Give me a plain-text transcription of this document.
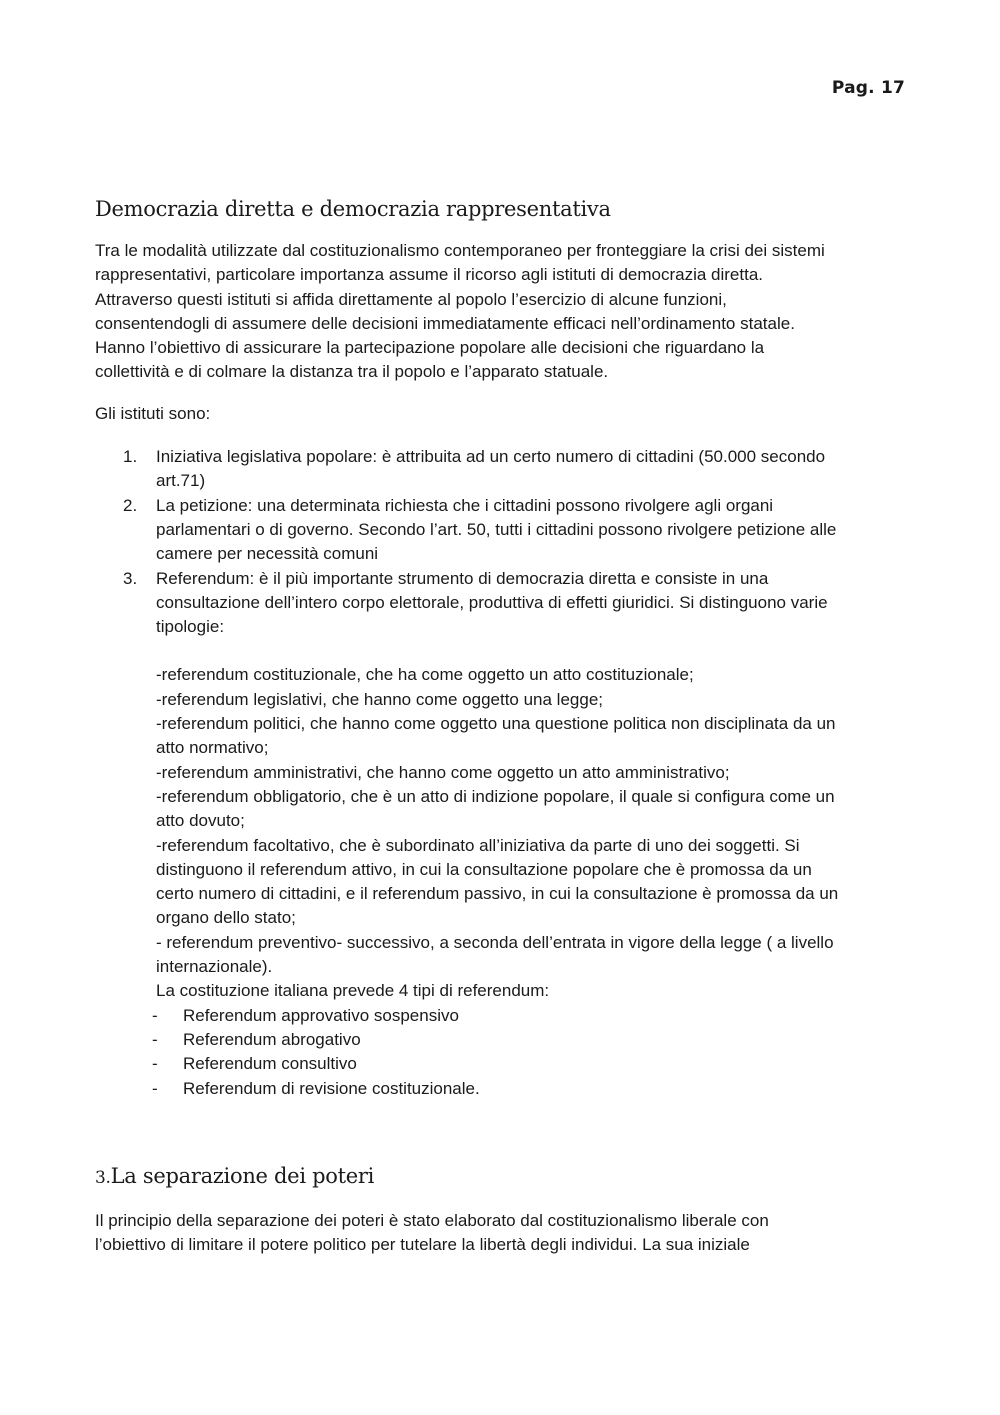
Pag. 17
Democrazia diretta e democrazia rappresentativa

Tra le modalità utilizzate dal costituzionalismo contemporaneo per fronteggiare la crisi dei sistemi

rappresentativi, particolare importanza assume il ricorso agli istituti di democrazia diretta.

Attraverso questi istituti si affida direttamente al popolo l’esercizio di alcune funzioni,

consentendogli di assumere delle decisioni immediatamente efficaci nell’ordinamento statale.

Hanno l’obiettivo di assicurare la partecipazione popolare alle decisioni che riguardano la

collettività e di colmare la distanza tra il popolo e l’apparato statuale.

Gli istituti sono:

1. Iniziativa legislativa popolare: è attribuita ad un certo numero di cittadini (50.000 secondo
art.71)
2. La petizione: una determinata richiesta che i cittadini possono rivolgere agli organi
parlamentari o di governo. Secondo l’art. 50, tutti i cittadini possono rivolgere petizione alle
camere per necessità comuni
3. Referendum: è il più importante strumento di democrazia diretta e consiste in una
consultazione dell’intero corpo elettorale, produttiva di effetti giuridici. Si distinguono varie
tipologie:
-referendum costituzionale, che ha come oggetto un atto costituzionale;
-referendum legislativi, che hanno come oggetto una legge;
-referendum politici, che hanno come oggetto una questione politica non disciplinata da un
atto normativo;
-referendum amministrativi, che hanno come oggetto un atto amministrativo;
-referendum obbligatorio, che è un atto di indizione popolare, il quale si configura come un
atto dovuto;
-referendum facoltativo, che è subordinato all’iniziativa da parte di uno dei soggetti. Si
distinguono il referendum attivo, in cui la consultazione popolare che è promossa da un
certo numero di cittadini, e il referendum passivo, in cui la consultazione è promossa da un
organo dello stato;
- referendum preventivo- successivo, a seconda dell’entrata in vigore della legge ( a livello
internazionale).
La costituzione italiana prevede 4 tipi di referendum:
- Referendum approvativo sospensivo
- Referendum abrogativo
- Referendum consultivo
- Referendum di revisione costituzionale.
3.La separazione dei poteri

Il principio della separazione dei poteri è stato elaborato dal costituzionalismo liberale con

l’obiettivo di limitare il potere politico per tutelare la libertà degli individui. La sua iniziale
